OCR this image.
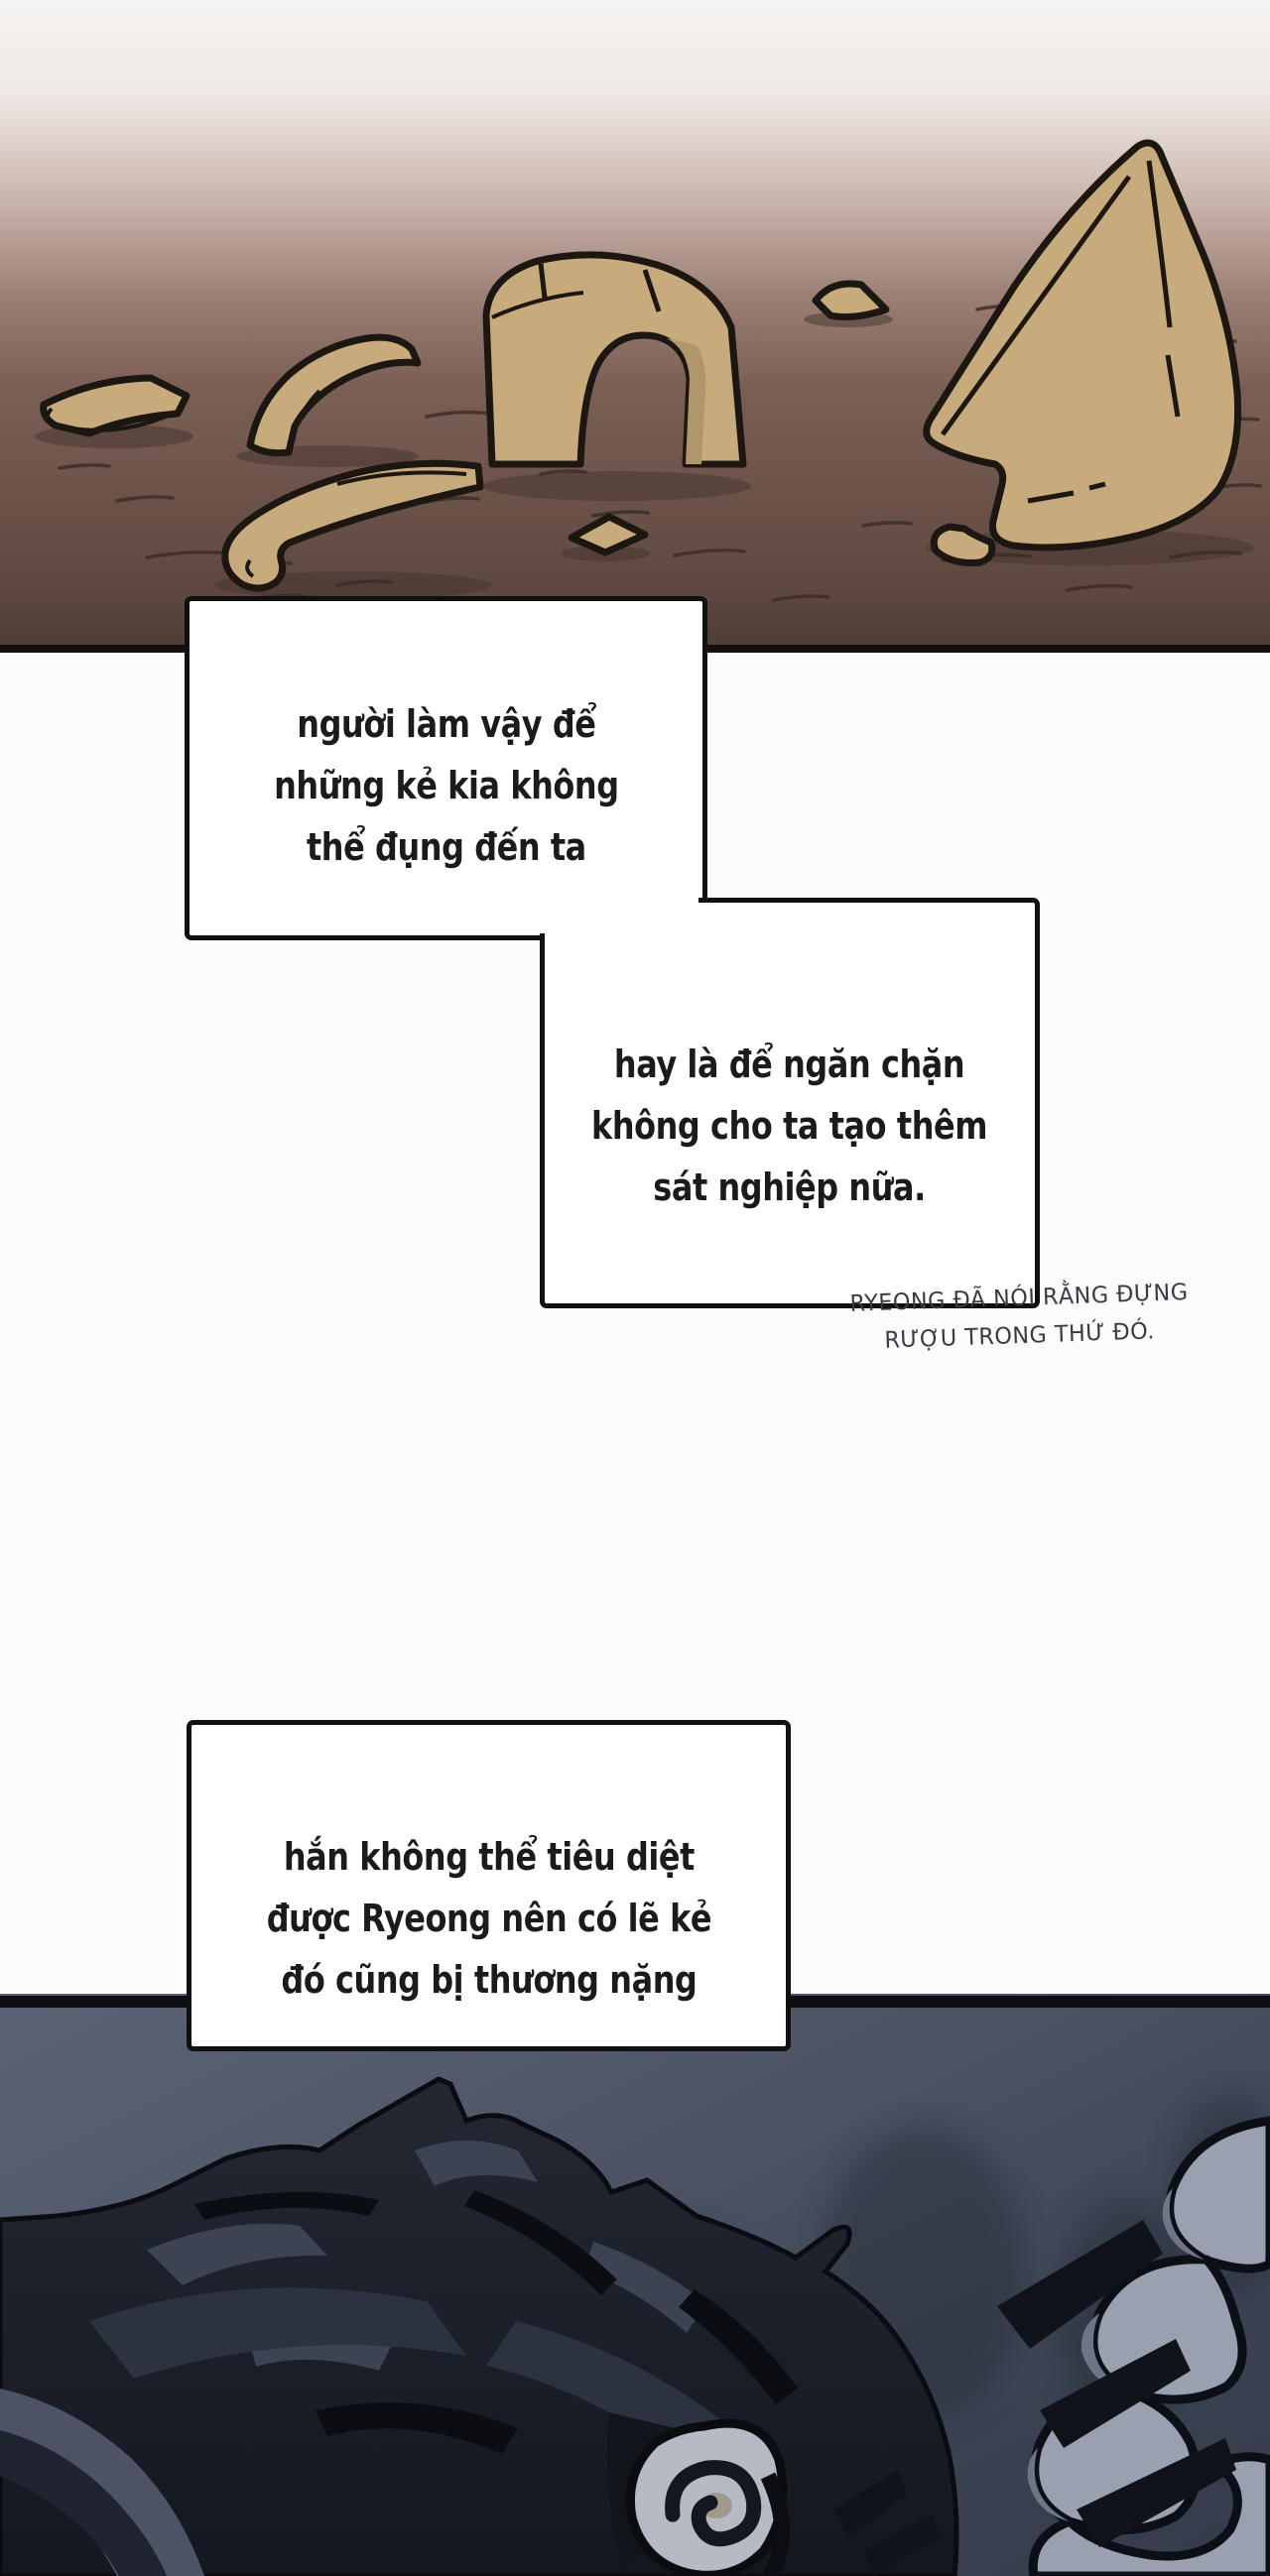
người làm vậy để
những kẻ kia không
thể đụng đến ta
hay là để ngăn chặn
không cho ta tạo thêm
sát nghiệp nữa.
hắn không thể tiêu diệt
được Ryeong nên có lẽ kẻ
đó cũng bị thương nặng
RYEONG ĐÃ NÓI RẰNG ĐỰNG
RƯỢU TRONG THỨ ĐÓ.
